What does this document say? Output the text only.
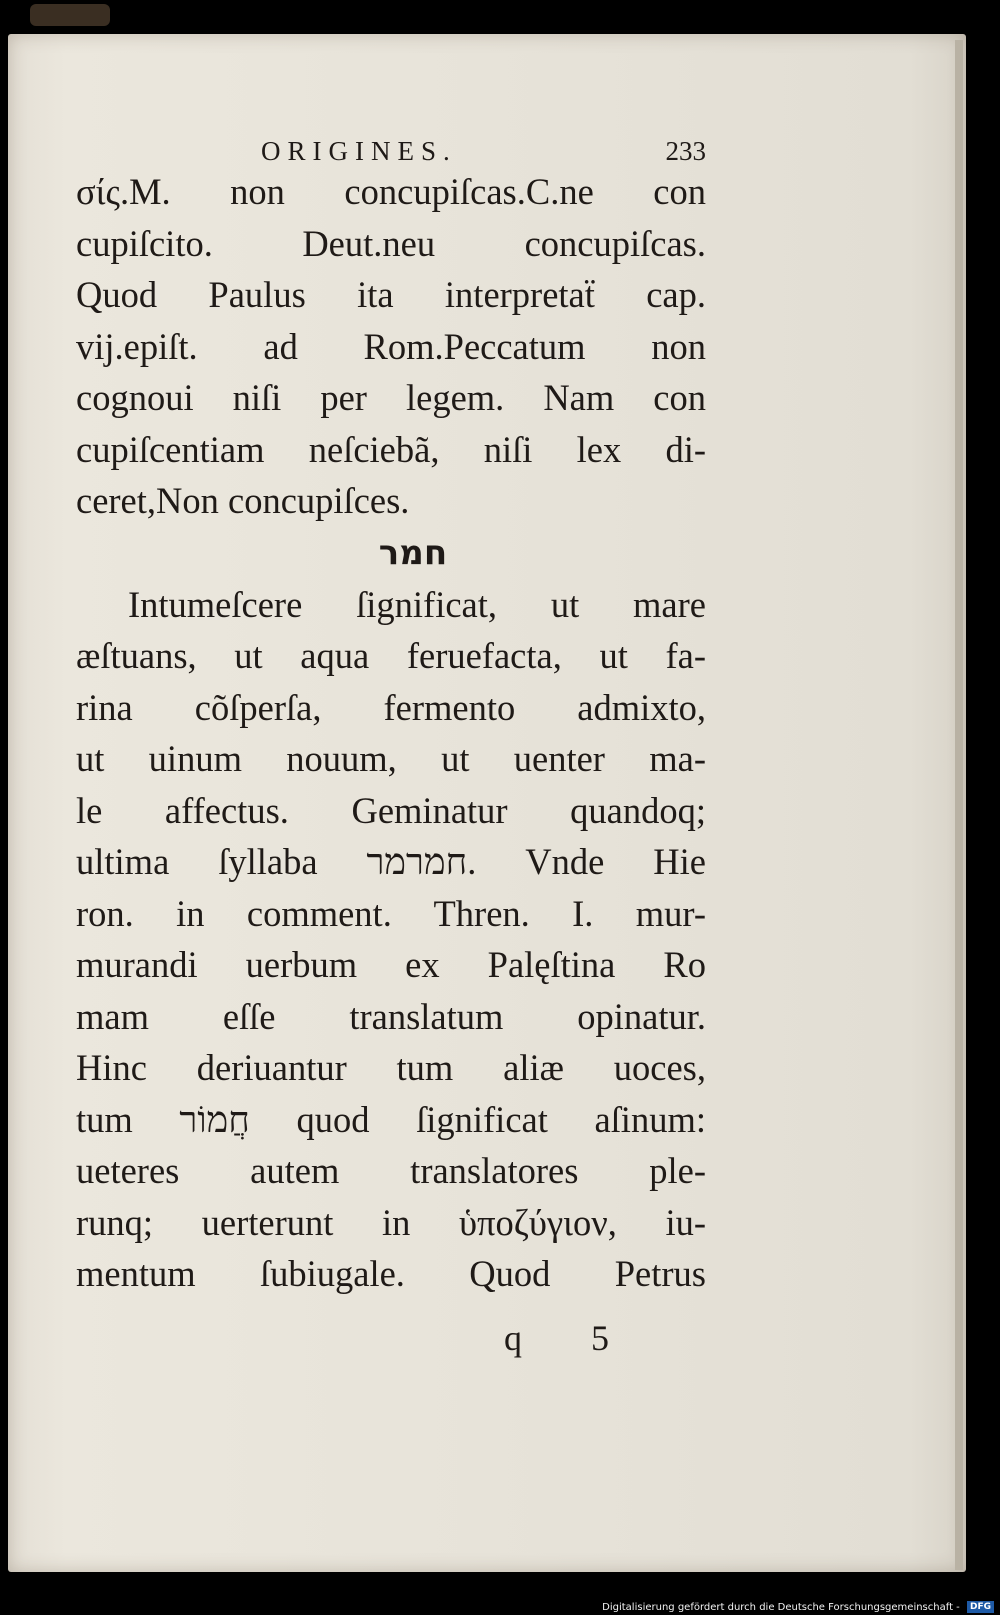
ORIGINES.	233
σίς.M. non concupiſcas.C.ne con
cupiſcito. Deut.neu concupiſcas.
Quod Paulus ita interpretaẗ cap.
vij.epiſt. ad Rom.Peccatum non
cognoui niſi per legem. Nam con
cupiſcentiam neſciebã, niſi lex di-
ceret,Non concupiſces.
חמר
Intumeſcere ſignificat, ut mare
æſtuans, ut aqua feruefacta, ut fa-
rina cõſperſa, fermento admixto,
ut uinum nouum, ut uenter ma-
le affectus. Geminatur quandoq;
ultima ſyllaba חמרמר. Vnde Hie
ron. in comment. Thren. I. mur-
murandi uerbum ex Palęſtina Ro
mam eſſe translatum opinatur.
Hinc deriuantur tum aliæ uoces,
tum חֲמוֹר quod ſignificat aſinum:
ueteres autem translatores ple-
runq; uerterunt in ὑποζύγιον, iu-
mentum ſubiugale. Quod Petrus
q 5
Digitalisierung gefördert durch die Deutsche Forschungsgemeinschaft - DFG
